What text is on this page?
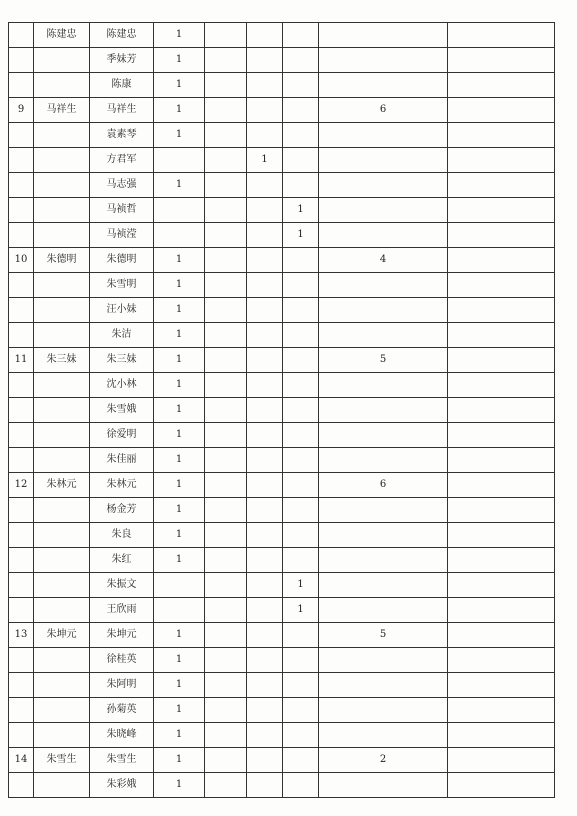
	陈建忠	陈建忠	1					
		季妹芳	1					
		陈康	1					
9	马祥生	马祥生	1				6	
		袁素琴	1					
		方君军			1			
		马志强	1					
		马祯哲				1		
		马祯滢				1		
10	朱德明	朱德明	1				4	
		朱雪明	1					
		汪小妹	1					
		朱洁	1					
11	朱三妹	朱三妹	1				5	
		沈小林	1					
		朱雪娥	1					
		徐爱明	1					
		朱佳丽	1					
12	朱林元	朱林元	1				6	
		杨金芳	1					
		朱良	1					
		朱红	1					
		朱振文				1		
		王欣雨				1		
13	朱坤元	朱坤元	1				5	
		徐桂英	1					
		朱阿明	1					
		孙菊英	1					
		朱晓峰	1					
14	朱雪生	朱雪生	1				2	
		朱彩娥	1					
